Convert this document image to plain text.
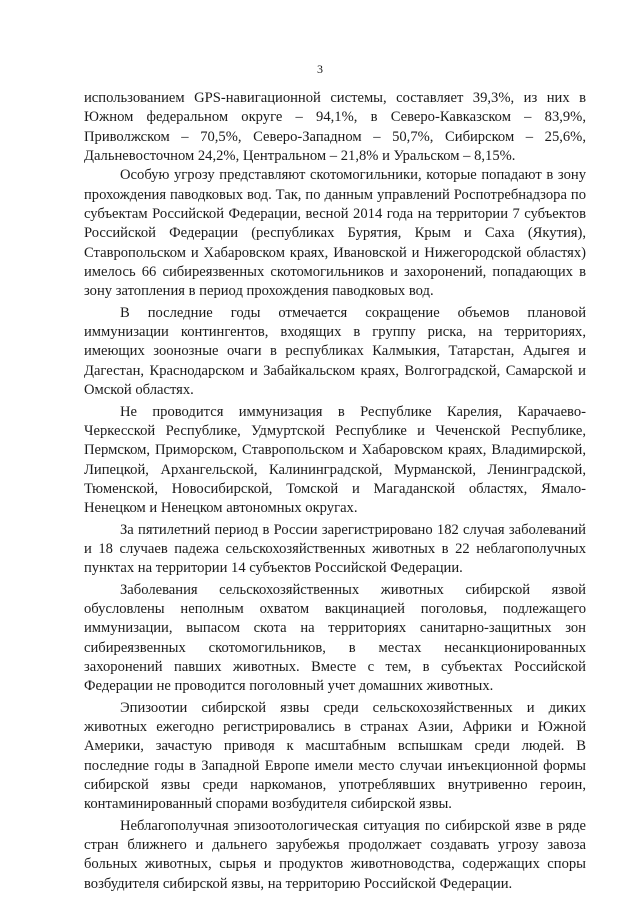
3

использованием GPS-навигационной системы, составляет 39,3%, из них в Южном федеральном округе – 94,1%, в Северо-Кавказском – 83,9%, Приволжском – 70,5%, Северо-Западном – 50,7%, Сибирском – 25,6%, Дальневосточном 24,2%, Центральном – 21,8% и Уральском – 8,15%.

Особую угрозу представляют скотомогильники, которые попадают в зону прохождения паводковых вод. Так, по данным управлений Роспотребнадзора по субъектам Российской Федерации, весной 2014 года на территории 7 субъектов Российской Федерации (республиках Бурятия, Крым и Саха (Якутия), Ставропольском и Хабаровском краях, Ивановской и Нижегородской областях) имелось 66 сибиреязвенных скотомогильников и захоронений, попадающих в зону затопления в период прохождения паводковых вод.

В последние годы отмечается сокращение объемов плановой иммунизации контингентов, входящих в группу риска, на территориях, имеющих зоонозные очаги в республиках Калмыкия, Татарстан, Адыгея и Дагестан, Краснодарском и Забайкальском краях, Волгоградской, Самарской и Омской областях.

Не проводится иммунизация в Республике Карелия, Карачаево-Черкесской Республике, Удмуртской Республике и Чеченской Республике, Пермском, Приморском, Ставропольском и Хабаровском краях, Владимирской, Липецкой, Архангельской, Калининградской, Мурманской, Ленинградской, Тюменской, Новосибирской, Томской и Магаданской областях, Ямало-Ненецком и Ненецком автономных округах.

За пятилетний период в России зарегистрировано 182 случая заболеваний и 18 случаев падежа сельскохозяйственных животных в 22 неблагополучных пунктах на территории 14 субъектов Российской Федерации.

Заболевания сельскохозяйственных животных сибирской язвой обусловлены неполным охватом вакцинацией поголовья, подлежащего иммунизации, выпасом скота на территориях санитарно-защитных зон сибиреязвенных скотомогильников, в местах несанкционированных захоронений павших животных. Вместе с тем, в субъектах Российской Федерации не проводится поголовный учет домашних животных.

Эпизоотии сибирской язвы среди сельскохозяйственных и диких животных ежегодно регистрировались в странах Азии, Африки и Южной Америки, зачастую приводя к масштабным вспышкам среди людей. В последние годы в Западной Европе имели место случаи инъекционной формы сибирской язвы среди наркоманов, употреблявших внутривенно героин, контаминированный спорами возбудителя сибирской язвы.

Неблагополучная эпизоотологическая ситуация по сибирской язве в ряде стран ближнего и дальнего зарубежья продолжает создавать угрозу завоза больных животных, сырья и продуктов животноводства, содержащих споры возбудителя сибирской язвы, на территорию Российской Федерации.
